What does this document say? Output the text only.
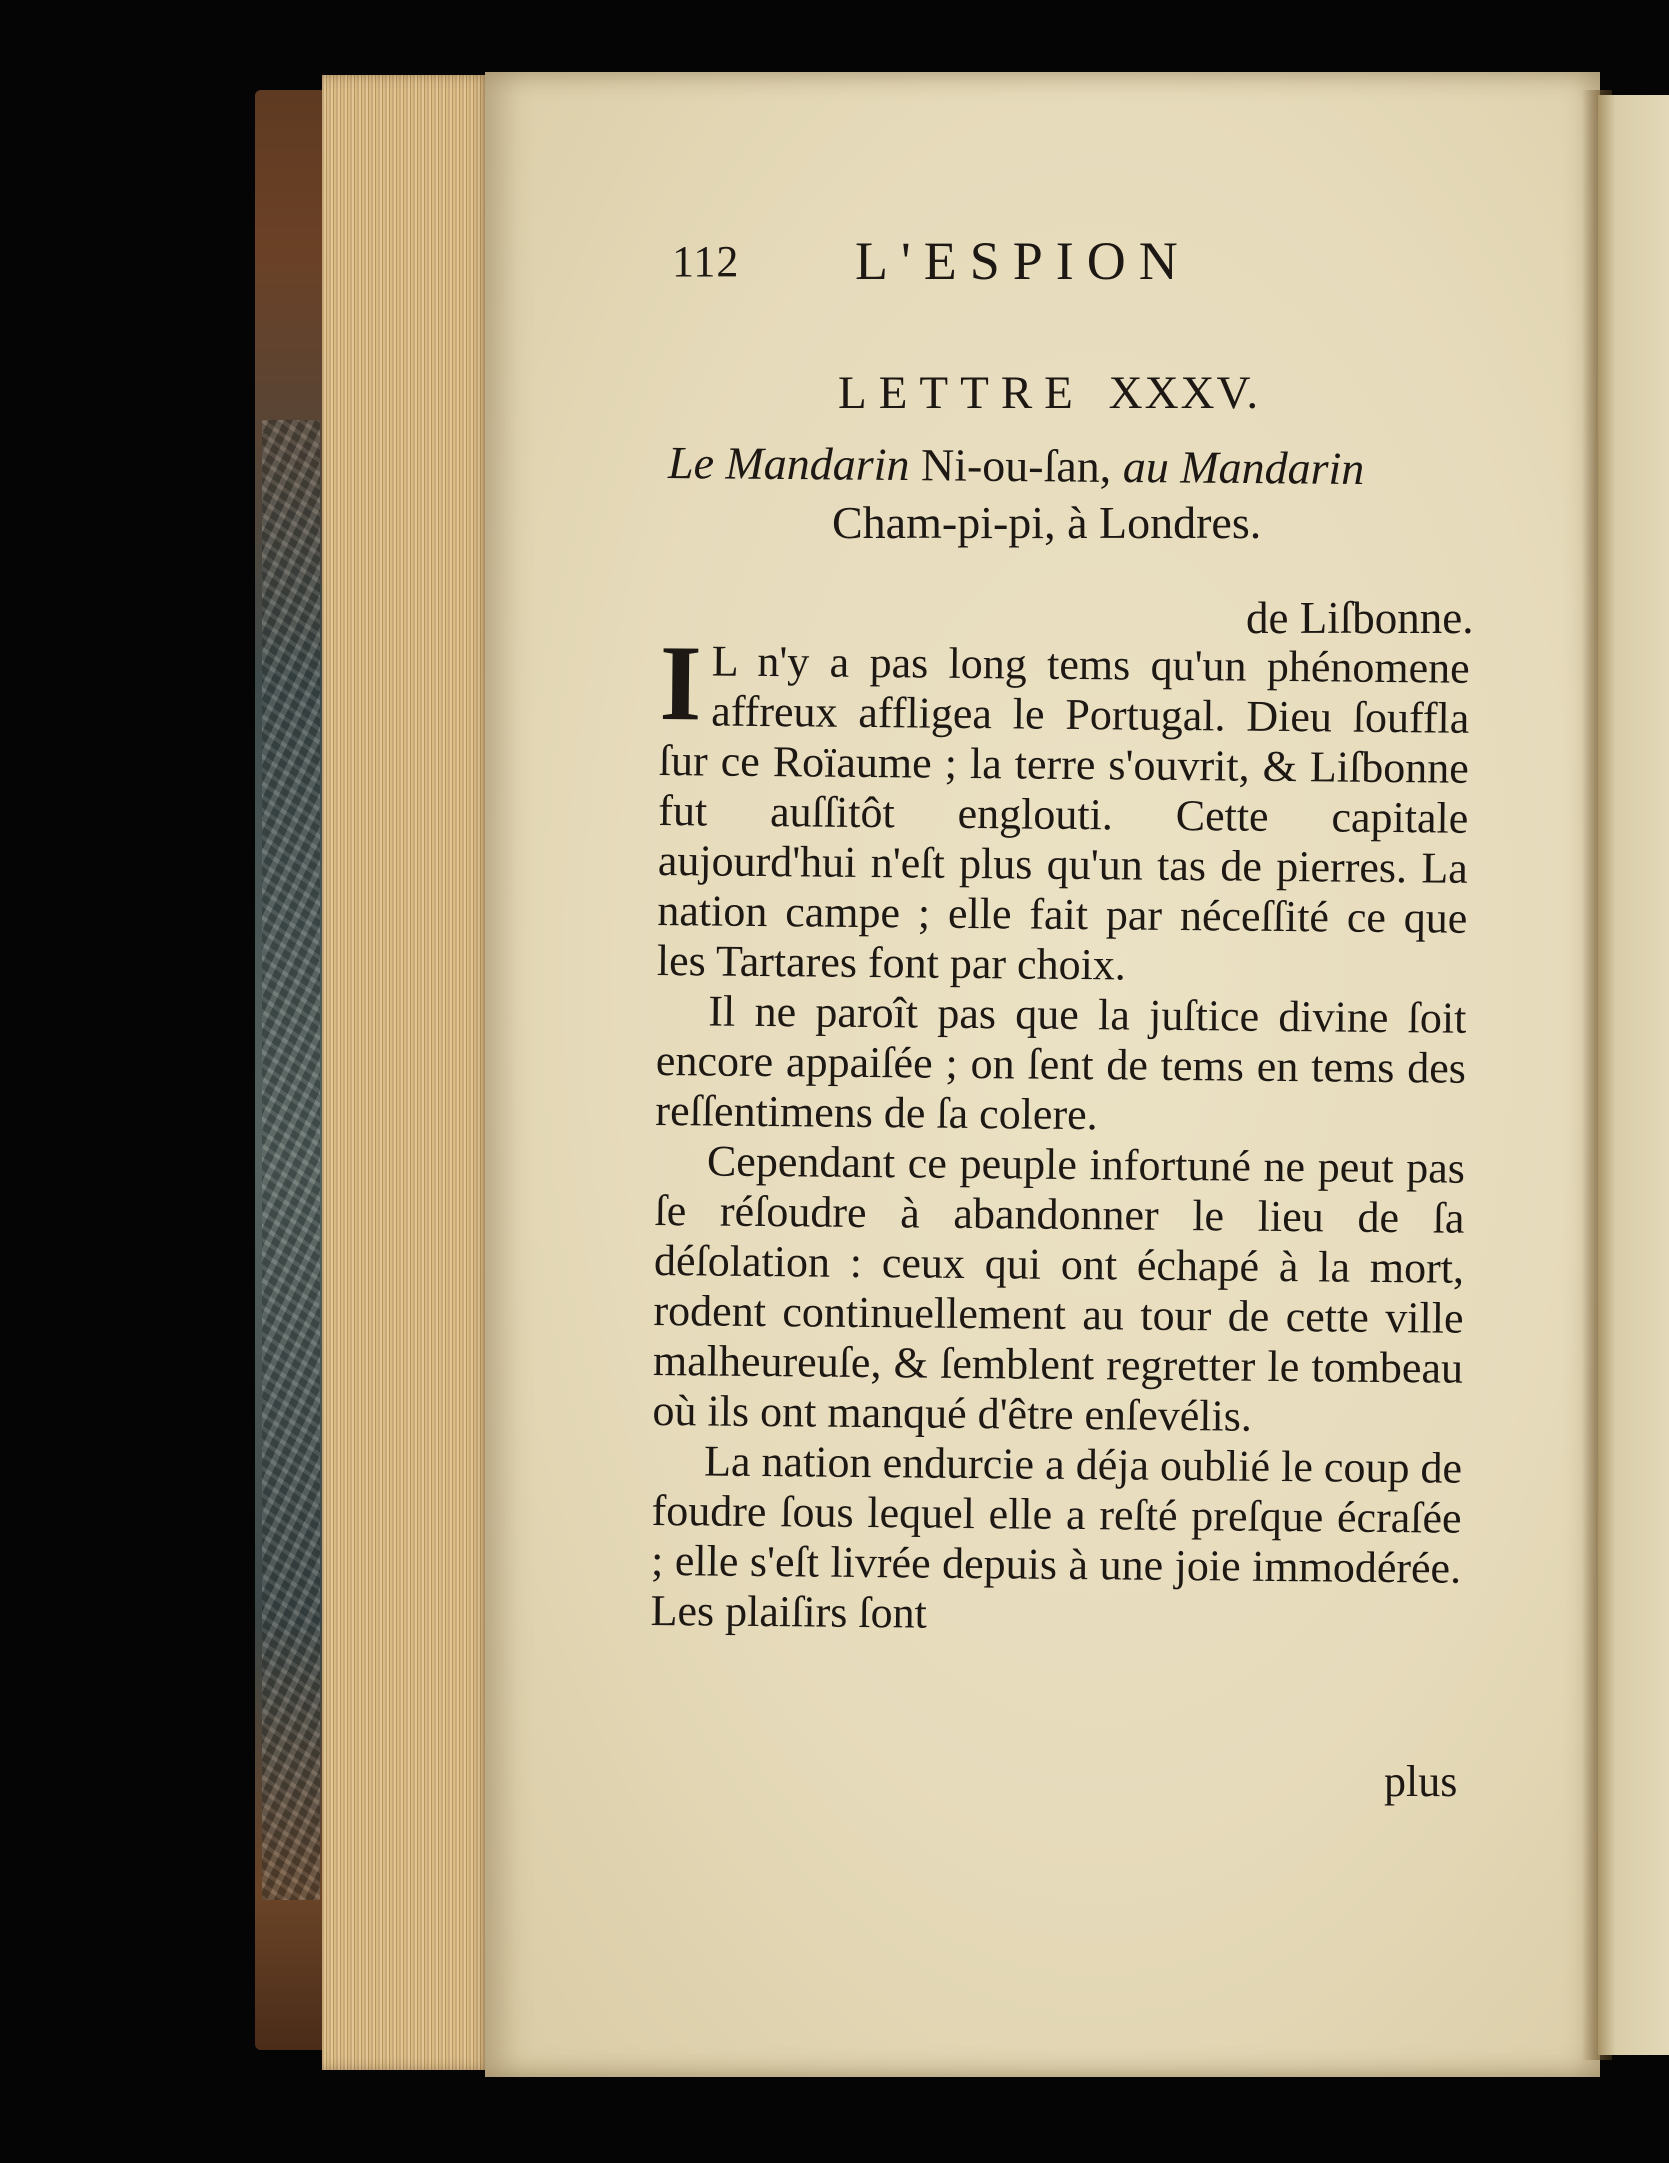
112 L'ESPION
LETTRE XXXV.
Le Mandarin Ni-ou-ſan, au Mandarin
Cham-pi-pi, à Londres.
de Liſbonne.

I L n'y a pas long tems qu'un phénomene affreux affligea le Portugal. Dieu ſouffla ſur ce Roïaume ; la terre s'ouvrit, & Liſbonne fut auſſitôt englouti. Cette capitale aujourd'hui n'eſt plus qu'un tas de pierres. La nation campe ; elle fait par néceſſité ce que les Tartares font par choix.

Il ne paroît pas que la juſtice divine ſoit encore appaiſée ; on ſent de tems en tems des reſſentimens de ſa colere.

Cependant ce peuple infortuné ne peut pas ſe réſoudre à abandonner le lieu de ſa déſolation : ceux qui ont échapé à la mort, rodent continuellement au tour de cette ville malheureuſe, & ſemblent regretter le tombeau où ils ont manqué d'être enſevélis.

La nation endurcie a déja oublié le coup de foudre ſous lequel elle a reſté preſque écraſée ; elle s'eſt livrée depuis à une joie immodérée. Les plaiſirs ſont

plus
